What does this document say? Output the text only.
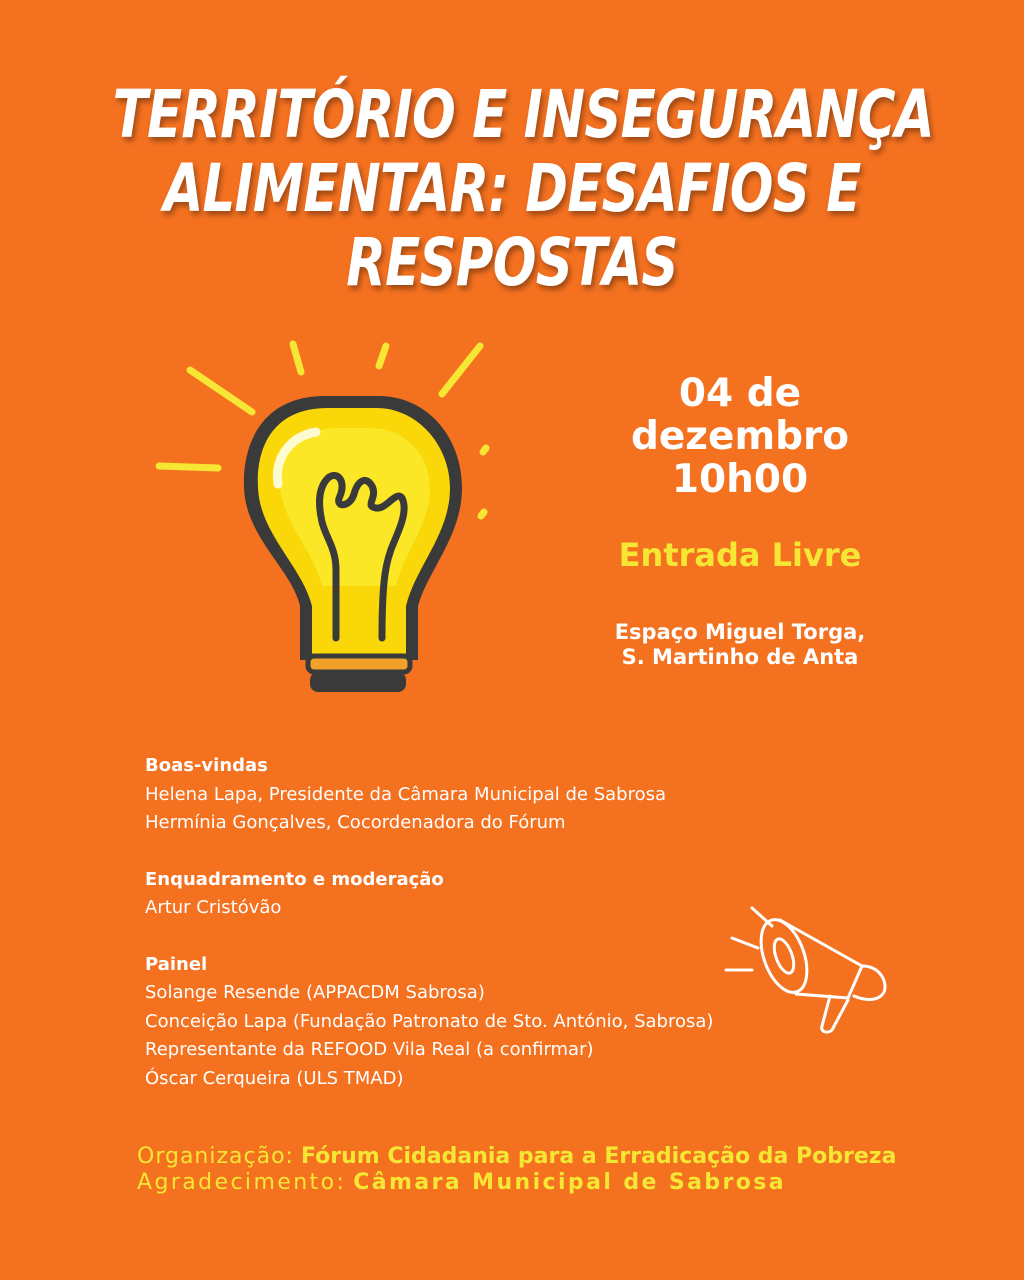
TERRITÓRIO E INSEGURANÇA
ALIMENTAR: DESAFIOS E
RESPOSTAS
04 de
dezembro
10h00
Entrada Livre
Espaço Miguel Torga,
S. Martinho de Anta
Boas-vindas
Helena Lapa, Presidente da Câmara Municipal de Sabrosa
Hermínia Gonçalves, Cocordenadora do Fórum
Enquadramento e moderação
Artur Cristóvão
Painel
Solange Resende (APPACDM Sabrosa)
Conceição Lapa (Fundação Patronato de Sto. António, Sabrosa)
Representante da REFOOD Vila Real (a confirmar)
Óscar Cerqueira (ULS TMAD)
Organização: Fórum Cidadania para a Erradicação da Pobreza
Agradecimento: Câmara Municipal de Sabrosa
